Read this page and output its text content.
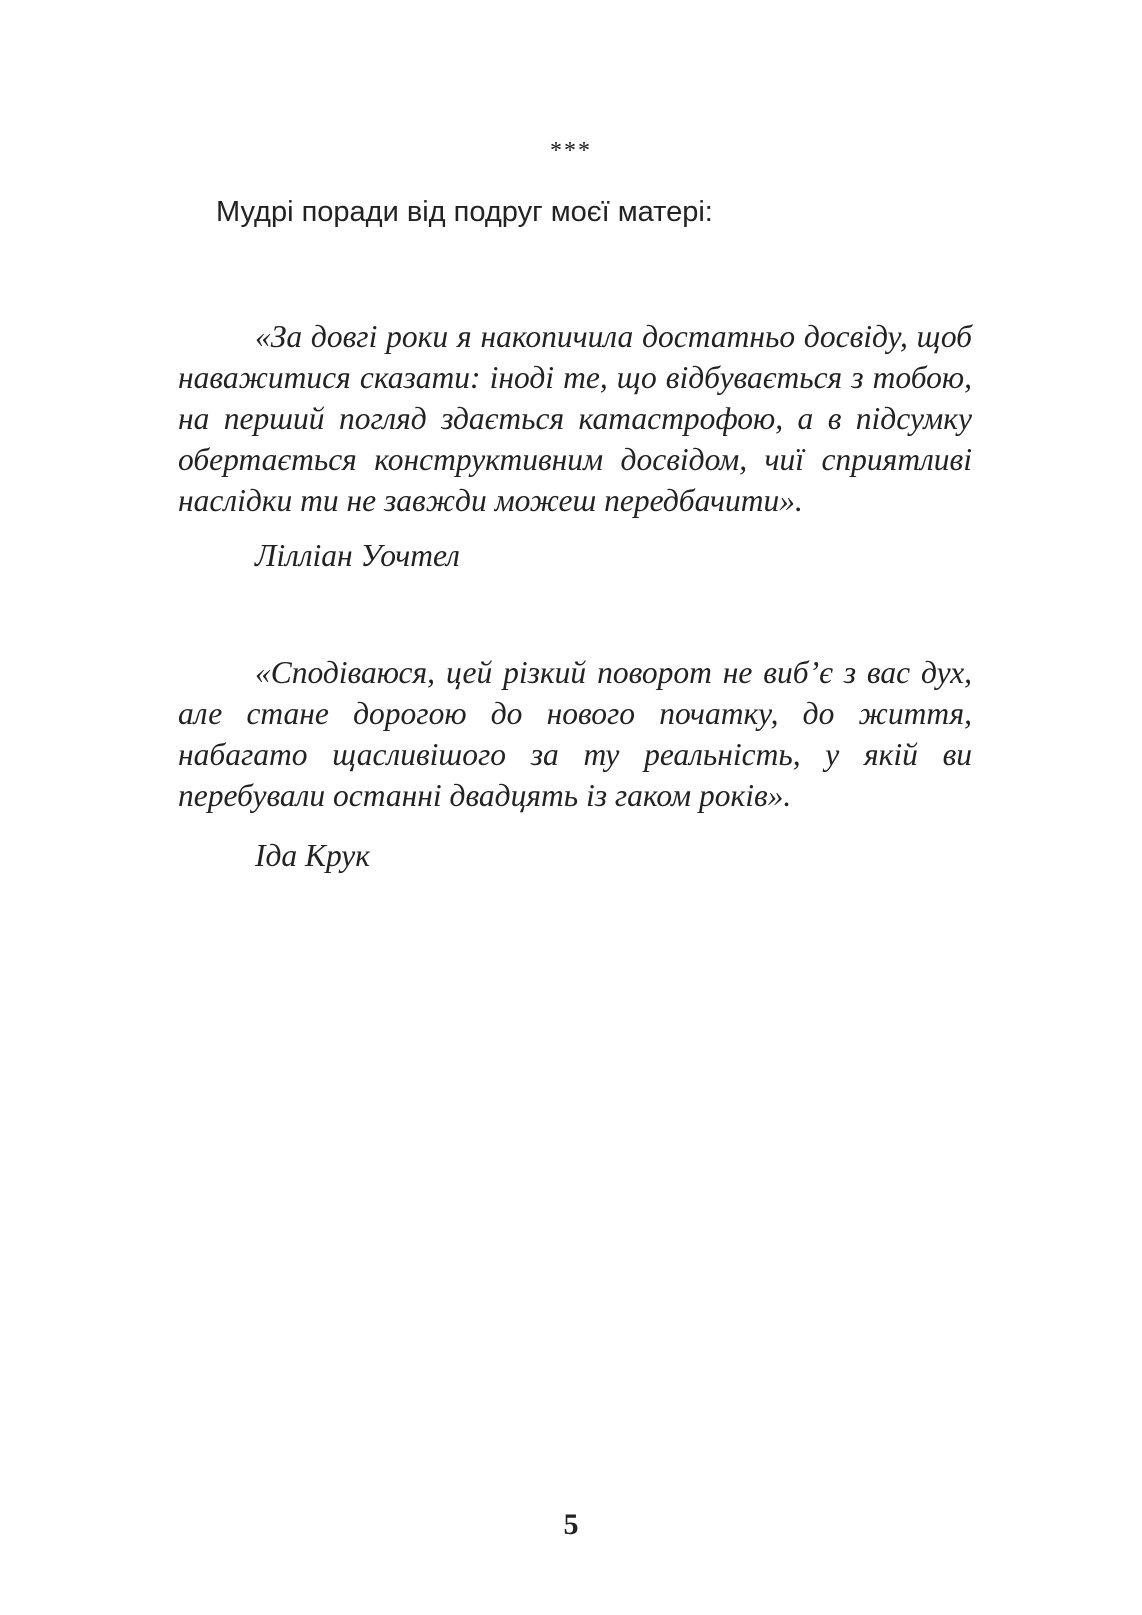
***
Мудрі поради від подруг моєї матері:

«За довгі роки я накопичила достатньо досвіду, щоб наважитися сказати: іноді те, що відбувається з тобою, на перший погляд здається катастрофою, а в підсумку обертається конструктивним досвідом, чиї сприятливі наслідки ти не завжди можеш передбачити».

Лілліан Уочтел

«Сподіваюся, цей різкий поворот не виб’є з вас дух, але стане дорогою до нового початку, до життя, набагато щасливішого за ту реальність, у якій ви перебували останні двадцять із гаком років».

Іда Крук
5
